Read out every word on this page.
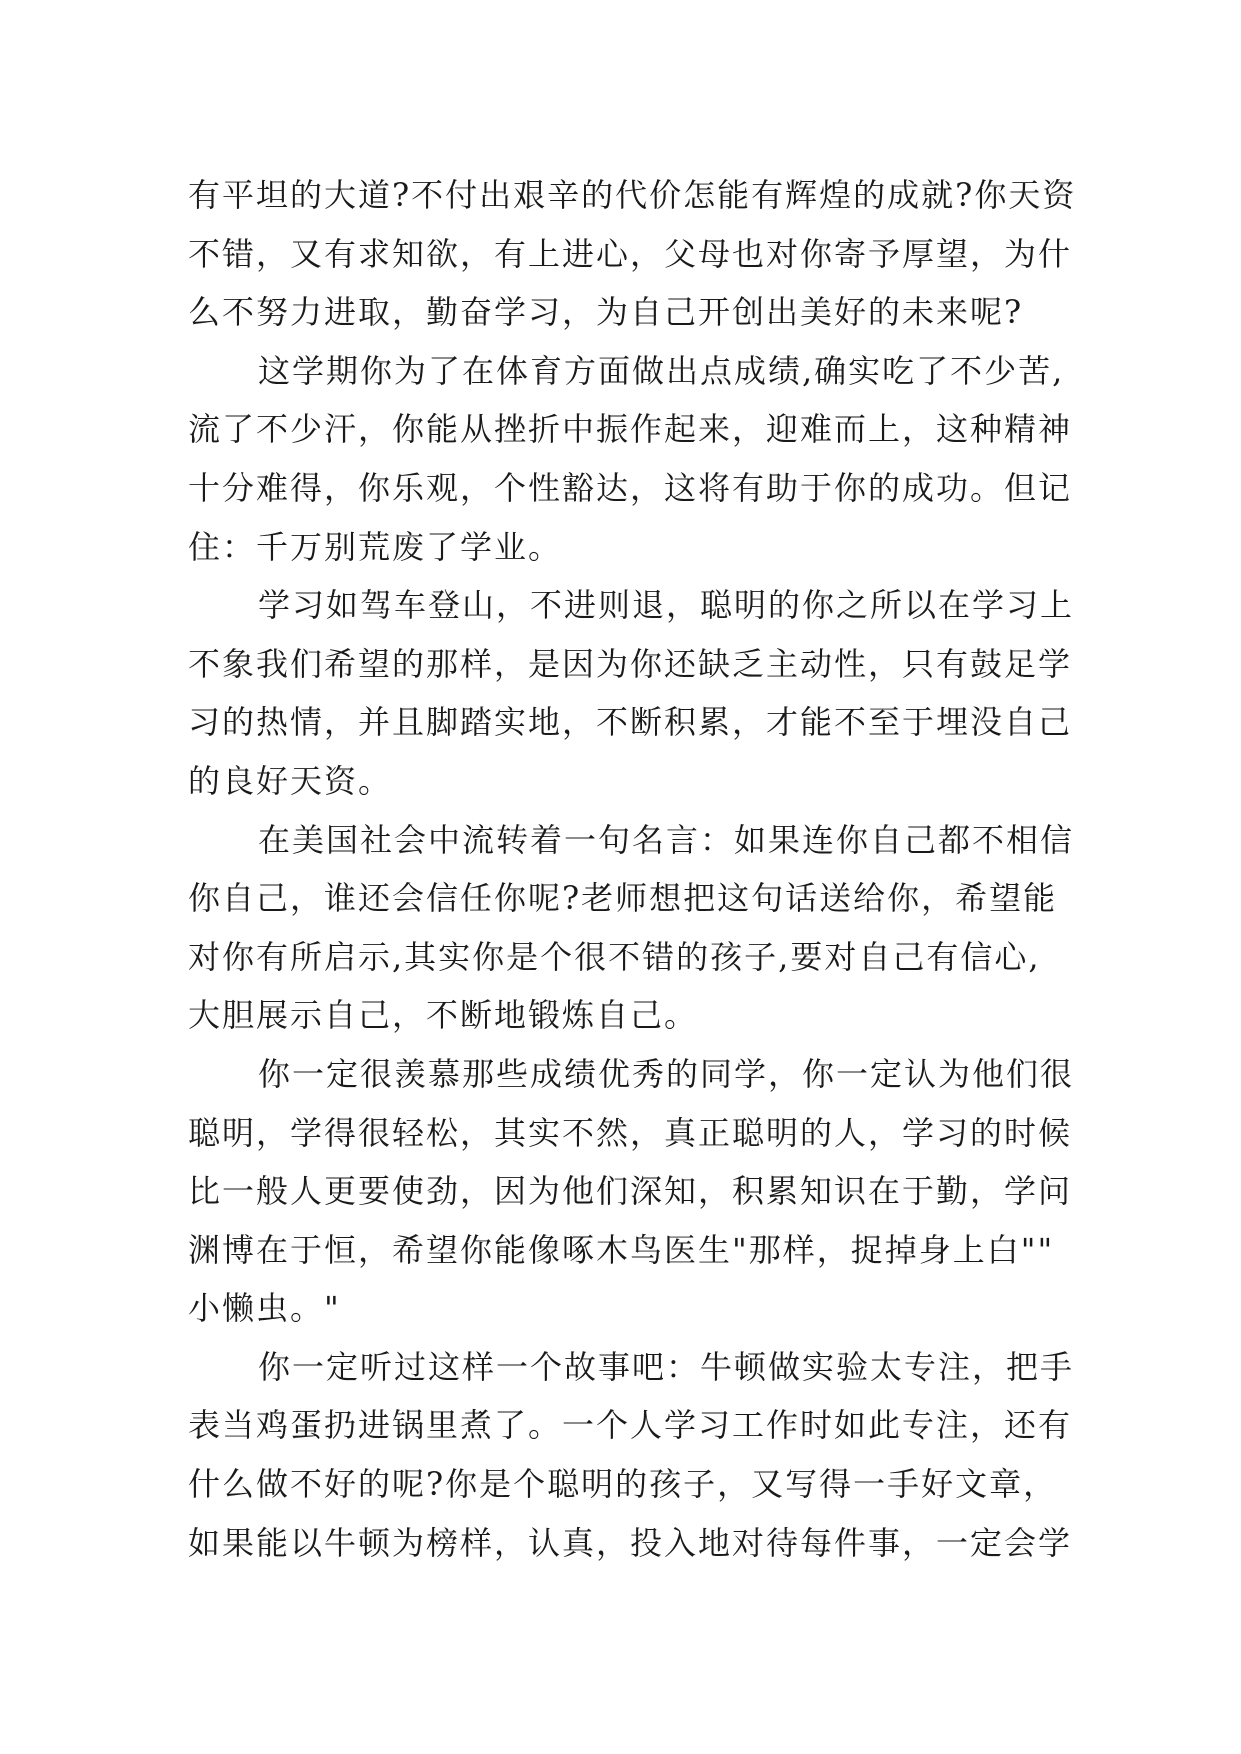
有平坦的大道?不付出艰辛的代价怎能有辉煌的成就?你天资
不错，又有求知欲，有上进心，父母也对你寄予厚望，为什
么不努力进取，勤奋学习，为自己开创出美好的未来呢?
这学期你为了在体育方面做出点成绩,确实吃了不少苦,
流了不少汗，你能从挫折中振作起来，迎难而上，这种精神
十分难得，你乐观，个性豁达，这将有助于你的成功。但记
住：千万别荒废了学业。
学习如驾车登山，不进则退，聪明的你之所以在学习上
不象我们希望的那样，是因为你还缺乏主动性，只有鼓足学
习的热情，并且脚踏实地，不断积累，才能不至于埋没自己
的良好天资。
在美国社会中流转着一句名言：如果连你自己都不相信
你自己，谁还会信任你呢?老师想把这句话送给你，希望能
对你有所启示,其实你是个很不错的孩子,要对自己有信心,
大胆展示自己，不断地锻炼自己。
你一定很羡慕那些成绩优秀的同学，你一定认为他们很
聪明，学得很轻松，其实不然，真正聪明的人，学习的时候
比一般人更要使劲，因为他们深知，积累知识在于勤，学问
渊博在于恒，希望你能像啄木鸟医生"那样，捉掉身上白""
小懒虫。"
你一定听过这样一个故事吧：牛顿做实验太专注，把手
表当鸡蛋扔进锅里煮了。一个人学习工作时如此专注，还有
什么做不好的呢?你是个聪明的孩子，又写得一手好文章，
如果能以牛顿为榜样，认真，投入地对待每件事，一定会学
